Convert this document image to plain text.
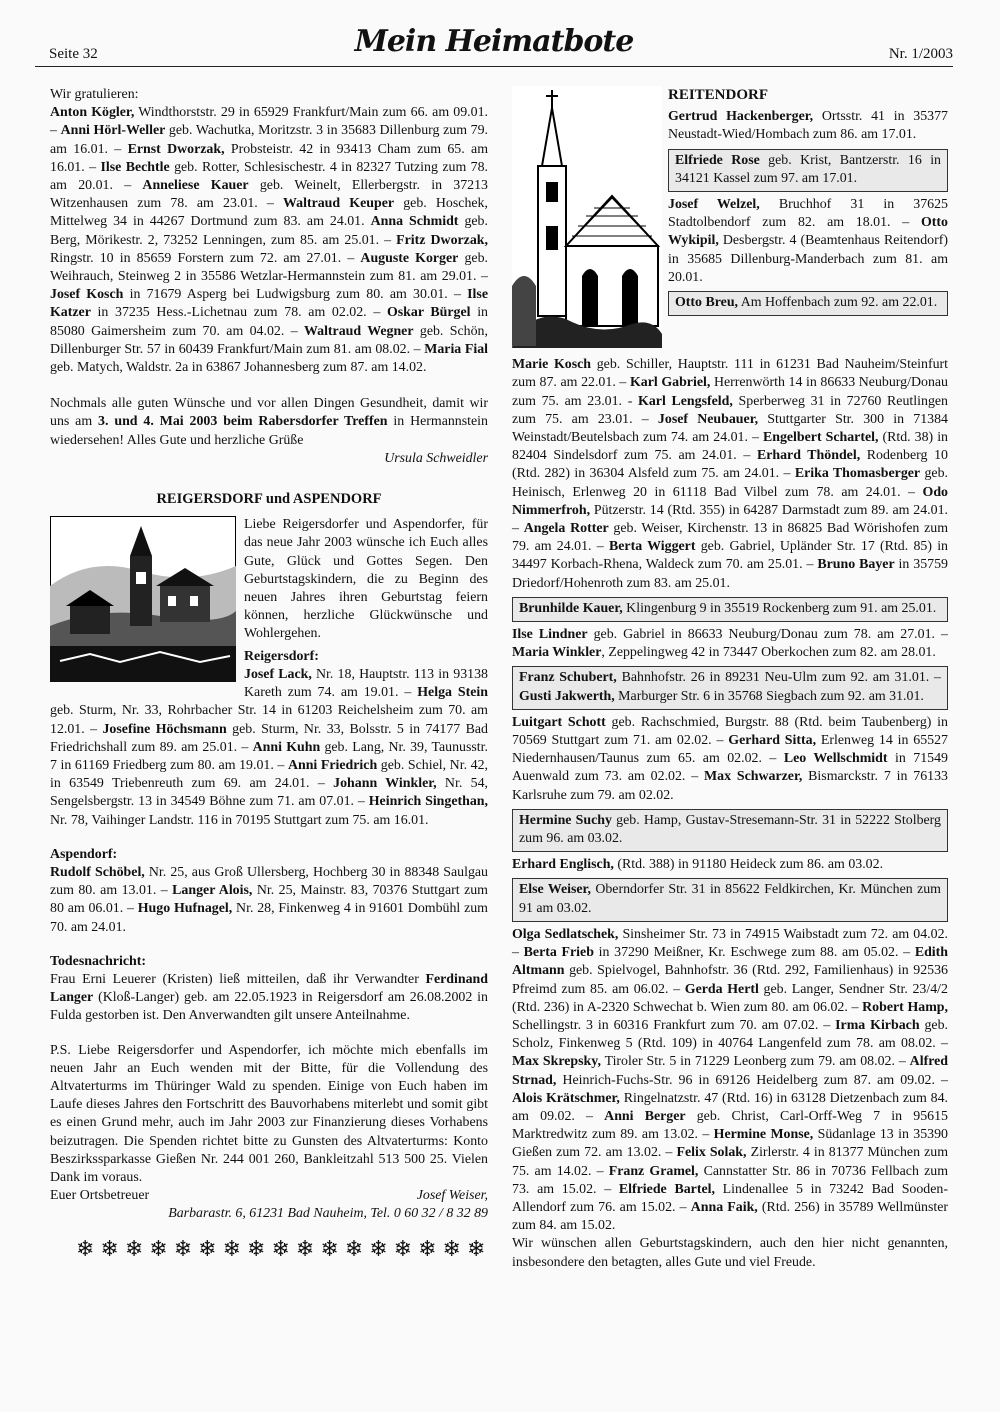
Seite 32	Mein Heimatbote	Nr. 1/2003

Wir gratulieren:

Anton Kögler, Windthorststr. 29 in 65929 Frankfurt/Main zum 66. am 09.01. – Anni Hörl-Weller geb. Wachutka, Moritzstr. 3 in 35683 Dillenburg zum 79. am 16.01. – Ernst Dworzak, Probsteistr. 42 in 93413 Cham zum 65. am 16.01. – Ilse Bechtle geb. Rotter, Schlesischestr. 4 in 82327 Tutzing zum 78. am 20.01. – Anneliese Kauer geb. Weinelt, Ellerbergstr. in 37213 Witzenhausen zum 78. am 23.01. – Waltraud Keuper geb. Hoschek, Mittelweg 34 in 44267 Dortmund zum 83. am 24.01. Anna Schmidt geb. Berg, Mörikestr. 2, 73252 Lenningen, zum 85. am 25.01. – Fritz Dworzak, Ringstr. 10 in 85659 Forstern zum 72. am 27.01. – Auguste Korger geb. Weihrauch, Steinweg 2 in 35586 Wetzlar-Hermannstein zum 81. am 29.01. – Josef Kosch in 71679 Asperg bei Ludwigsburg zum 80. am 30.01. – Ilse Katzer in 37235 Hess.-Lichetnau zum 78. am 02.02. – Oskar Bürgel in 85080 Gaimersheim zum 70. am 04.02. – Waltraud Wegner geb. Schön, Dillenburger Str. 57 in 60439 Frankfurt/Main zum 81. am 08.02. – Maria Fial geb. Matych, Waldstr. 2a in 63867 Johannesberg zum 87. am 14.02.

Nochmals alle guten Wünsche und vor allen Dingen Gesundheit, damit wir uns am 3. und 4. Mai 2003 beim Rabersdorfer Treffen in Hermannstein wiedersehen! Alles Gute und herzliche Grüße

Ursula Schweidler

REIGERSDORF und ASPENDORF

Liebe Reigersdorfer und Aspendorfer, für das neue Jahr 2003 wünsche ich Euch alles Gute, Glück und Gottes Segen. Den Geburtstagskindern, die zu Beginn des neuen Jahres ihren Geburtstag feiern können, herzliche Glückwünsche und Wohlergehen.

Reigersdorf:

Josef Lack, Nr. 18, Hauptstr. 113 in 93138 Kareth zum 74. am 19.01. – Helga Stein geb. Sturm, Nr. 33, Rohrbacher Str. 14 in 61203 Reichelsheim zum 70. am 12.01. – Josefine Höchsmann geb. Sturm, Nr. 33, Bolsstr. 5 in 74177 Bad Friedrichshall zum 89. am 25.01. – Anni Kuhn geb. Lang, Nr. 39, Taunusstr. 7 in 61169 Friedberg zum 80. am 19.01. – Anni Friedrich geb. Schiel, Nr. 42, in 63549 Triebenreuth zum 69. am 24.01. – Johann Winkler, Nr. 54, Sengelsbergstr. 13 in 34549 Böhne zum 71. am 07.01. – Heinrich Singethan, Nr. 78, Vaihinger Landstr. 116 in 70195 Stuttgart zum 75. am 16.01.

Aspendorf:

Rudolf Schöbel, Nr. 25, aus Groß Ullersberg, Hochberg 30 in 88348 Saulgau zum 80. am 13.01. – Langer Alois, Nr. 25, Mainstr. 83, 70376 Stuttgart zum 80 am 06.01. – Hugo Hufnagel, Nr. 28, Finkenweg 4 in 91601 Dombühl zum 70. am 24.01.

Todesnachricht:

Frau Erni Leuerer (Kristen) ließ mitteilen, daß ihr Verwandter Ferdinand Langer (Kloß-Langer) geb. am 22.05.1923 in Reigersdorf am 26.08.2002 in Fulda gestorben ist. Den Anverwandten gilt unsere Anteilnahme.

P.S. Liebe Reigersdorfer und Aspendorfer, ich möchte mich ebenfalls im neuen Jahr an Euch wenden mit der Bitte, für die Vollendung des Altvaterturms im Thüringer Wald zu spenden. Einige von Euch haben im Laufe dieses Jahres den Fortschritt des Bauvorhabens miterlebt und somit gibt es einen Grund mehr, auch im Jahr 2003 zur Finanzierung dieses Vorhabens beizutragen. Die Spenden richtet bitte zu Gunsten des Altvaterturms: Konto Beszirkssparkasse Gießen Nr. 244 001 260, Bankleitzahl 513 500 25. Vielen Dank im voraus.

Euer Ortsbetreuer	Josef Weiser,

Barbarastr. 6, 61231 Bad Nauheim, Tel. 0 60 32 / 8 32 89

❄❄❄❄❄❄❄❄❄❄❄❄❄❄❄❄❄

REITENDORF

Gertrud Hackenberger, Ortsstr. 41 in 35377 Neustadt-Wied/Hombach zum 86. am 17.01.

Elfriede Rose geb. Krist, Bantzerstr. 16 in 34121 Kassel zum 97. am 17.01.

Josef Welzel, Bruchhof 31 in 37625 Stadtolbendorf zum 82. am 18.01. – Otto Wykipil, Desbergstr. 4 (Beamtenhaus Reitendorf) in 35685 Dillenburg-Manderbach zum 81. am 20.01.

Otto Breu, Am Hoffenbach zum 92. am 22.01.

Marie Kosch geb. Schiller, Hauptstr. 111 in 61231 Bad Nauheim/Steinfurt zum 87. am 22.01. – Karl Gabriel, Herrenwörth 14 in 86633 Neuburg/Donau zum 75. am 23.01. - Karl Lengsfeld, Sperberweg 31 in 72760 Reutlingen zum 75. am 23.01. – Josef Neubauer, Stuttgarter Str. 300 in 71384 Weinstadt/Beutelsbach zum 74. am 24.01. – Engelbert Schartel, (Rtd. 38) in 82404 Sindelsdorf zum 75. am 24.01. – Erhard Thöndel, Rodenberg 10 (Rtd. 282) in 36304 Alsfeld zum 75. am 24.01. – Erika Thomasberger geb. Heinisch, Erlenweg 20 in 61118 Bad Vilbel zum 78. am 24.01. – Odo Nimmerfroh, Pützerstr. 14 (Rtd. 355) in 64287 Darmstadt zum 89. am 24.01. – Angela Rotter geb. Weiser, Kirchenstr. 13 in 86825 Bad Wörishofen zum 79. am 24.01. – Berta Wiggert geb. Gabriel, Upländer Str. 17 (Rtd. 85) in 34497 Korbach-Rhena, Waldeck zum 70. am 25.01. – Bruno Bayer in 35759 Driedorf/Hohenroth zum 83. am 25.01.

Brunhilde Kauer, Klingenburg 9 in 35519 Rockenberg zum 91. am 25.01.

Ilse Lindner geb. Gabriel in 86633 Neuburg/Donau zum 78. am 27.01. – Maria Winkler, Zeppelingweg 42 in 73447 Oberkochen zum 82. am 28.01.

Franz Schubert, Bahnhofstr. 26 in 89231 Neu-Ulm zum 92. am 31.01. – Gusti Jakwerth, Marburger Str. 6 in 35768 Siegbach zum 92. am 31.01.

Luitgart Schott geb. Rachschmied, Burgstr. 88 (Rtd. beim Taubenberg) in 70569 Stuttgart zum 71. am 02.02. – Gerhard Sitta, Erlenweg 14 in 65527 Niedernhausen/Taunus zum 65. am 02.02. – Leo Wellschmidt in 71549 Auenwald zum 73. am 02.02. – Max Schwarzer, Bismarckstr. 7 in 76133 Karlsruhe zum 79. am 02.02.

Hermine Suchy geb. Hamp, Gustav-Stresemann-Str. 31 in 52222 Stolberg zum 96. am 03.02.

Erhard Englisch, (Rtd. 388) in 91180 Heideck zum 86. am 03.02.

Else Weiser, Oberndorfer Str. 31 in 85622 Feldkirchen, Kr. München zum 91 am 03.02.

Olga Sedlatschek, Sinsheimer Str. 73 in 74915 Waibstadt zum 72. am 04.02. – Berta Frieb in 37290 Meißner, Kr. Eschwege zum 88. am 05.02. – Edith Altmann geb. Spielvogel, Bahnhofstr. 36 (Rtd. 292, Familienhaus) in 92536 Pfreimd zum 85. am 06.02. – Gerda Hertl geb. Langer, Sendner Str. 23/4/2 (Rtd. 236) in A-2320 Schwechat b. Wien zum 80. am 06.02. – Robert Hamp, Schellingstr. 3 in 60316 Frankfurt zum 70. am 07.02. – Irma Kirbach geb. Scholz, Finkenweg 5 (Rtd. 109) in 40764 Langenfeld zum 78. am 08.02. – Max Skrepsky, Tiroler Str. 5 in 71229 Leonberg zum 79. am 08.02. – Alfred Strnad, Heinrich-Fuchs-Str. 96 in 69126 Heidelberg zum 87. am 09.02. – Alois Krätschmer, Ringelnatzstr. 47 (Rtd. 16) in 63128 Dietzenbach zum 84. am 09.02. – Anni Berger geb. Christ, Carl-Orff-Weg 7 in 95615 Marktredwitz zum 89. am 13.02. – Hermine Monse, Südanlage 13 in 35390 Gießen zum 72. am 13.02. – Felix Solak, Zirlerstr. 4 in 81377 München zum 75. am 14.02. – Franz Gramel, Cannstatter Str. 86 in 70736 Fellbach zum 73. am 15.02. – Elfriede Bartel, Lindenallee 5 in 73242 Bad Sooden-Allendorf zum 76. am 15.02. – Anna Faik, (Rtd. 256) in 35789 Wellmünster zum 84. am 15.02.

Wir wünschen allen Geburtstagskindern, auch den hier nicht genannten, insbesondere den betagten, alles Gute und viel Freude.
